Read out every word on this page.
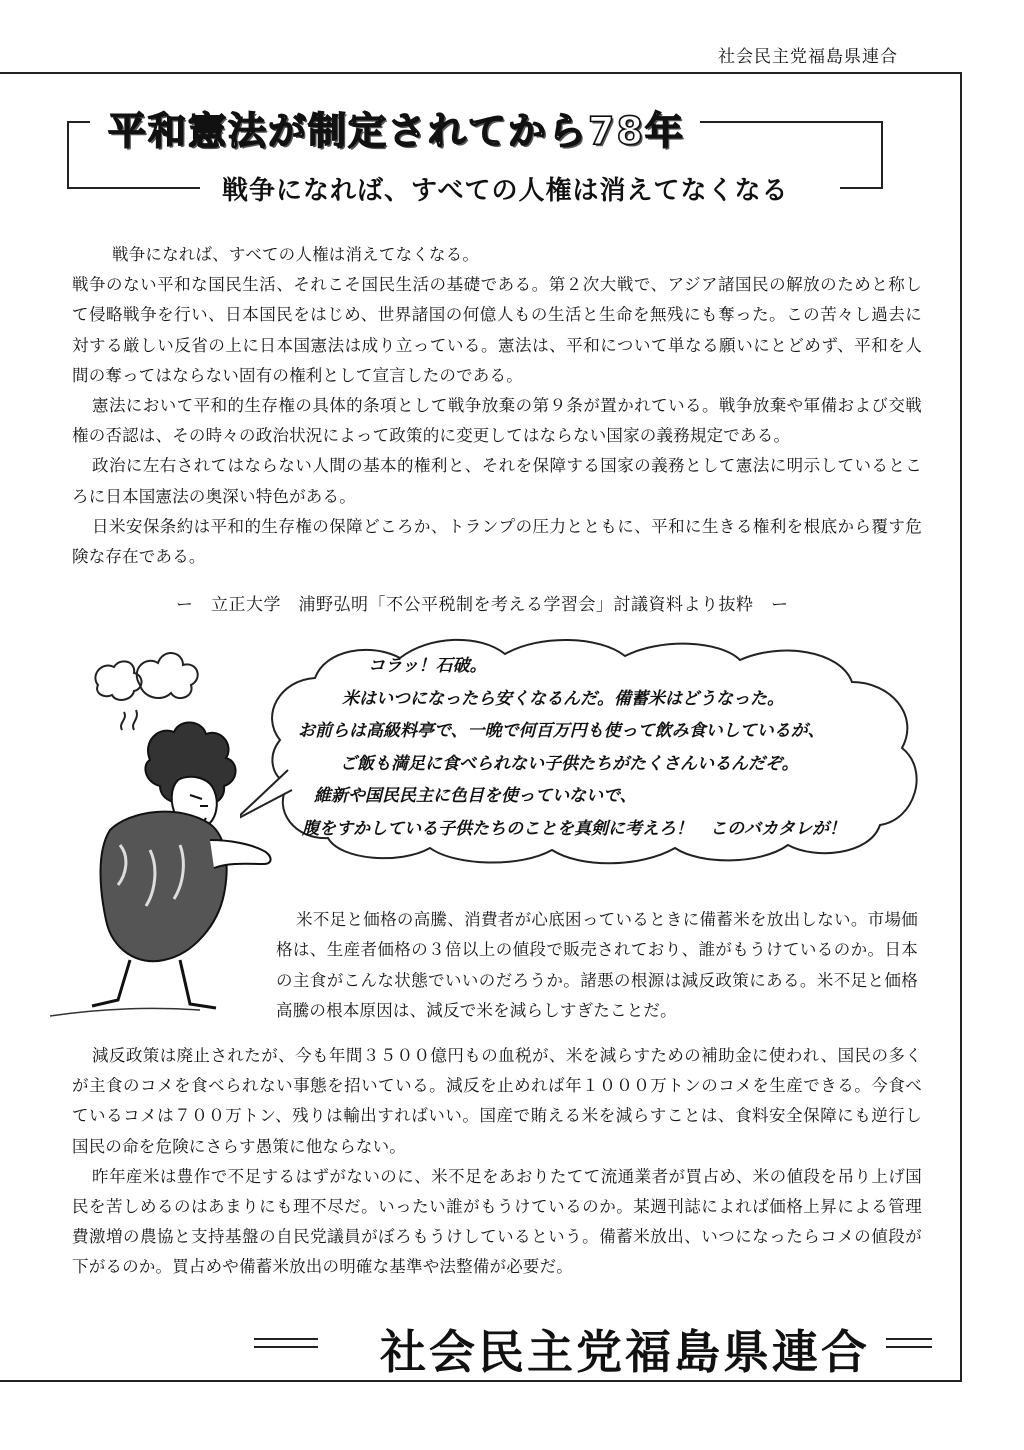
社会民主党福島県連合
平和憲法が制定されてから78年
戦争になれば、すべての人権は消えてなくなる

戦争になれば、すべての人権は消えてなくなる。

戦争のない平和な国民生活、それこそ国民生活の基礎である。第２次大戦で、アジア諸国民の解放のためと称して侵略戦争を行い、日本国民をはじめ、世界諸国の何億人もの生活と生命を無残にも奪った。この苦々し過去に対する厳しい反省の上に日本国憲法は成り立っている。憲法は、平和について単なる願いにとどめず、平和を人間の奪ってはならない固有の権利として宣言したのである。

憲法において平和的生存権の具体的条項として戦争放棄の第９条が置かれている。戦争放棄や軍備および交戦権の否認は、その時々の政治状況によって政策的に変更してはならない国家の義務規定である。

政治に左右されてはならない人間の基本的権利と、それを保障する国家の義務として憲法に明示しているところに日本国憲法の奥深い特色がある。

日米安保条約は平和的生存権の保障どころか、トランプの圧力とともに、平和に生きる権利を根底から覆す危険な存在である。

ー　立正大学　浦野弘明「不公平税制を考える学習会」討議資料より抜粋　ー
コラッ！石破。
米はいつになったら安くなるんだ。備蓄米はどうなった。
お前らは高級料亭で、一晩で何百万円も使って飲み食いしているが、
ご飯も満足に食べられない子供たちがたくさんいるんだぞ。
維新や国民民主に色目を使っていないで、
腹をすかしている子供たちのことを真剣に考えろ！　このバカタレが！

米不足と価格の高騰、消費者が心底困っているときに備蓄米を放出しない。市場価格は、生産者価格の３倍以上の値段で販売されており、誰がもうけているのか。日本の主食がこんな状態でいいのだろうか。諸悪の根源は減反政策にある。米不足と価格高騰の根本原因は、減反で米を減らしすぎたことだ。

減反政策は廃止されたが、今も年間３５００億円もの血税が、米を減らすための補助金に使われ、国民の多くが主食のコメを食べられない事態を招いている。減反を止めれば年１０００万トンのコメを生産できる。今食べているコメは７００万トン、残りは輸出すればいい。国産で賄える米を減らすことは、食料安全保障にも逆行し国民の命を危険にさらす愚策に他ならない。

昨年産米は豊作で不足するはずがないのに、米不足をあおりたてて流通業者が買占め、米の値段を吊り上げ国民を苦しめるのはあまりにも理不尽だ。いったい誰がもうけているのか。某週刊誌によれば価格上昇による管理費激増の農協と支持基盤の自民党議員がぼろもうけしているという。備蓄米放出、いつになったらコメの値段が下がるのか。買占めや備蓄米放出の明確な基準や法整備が必要だ。

社会民主党福島県連合
